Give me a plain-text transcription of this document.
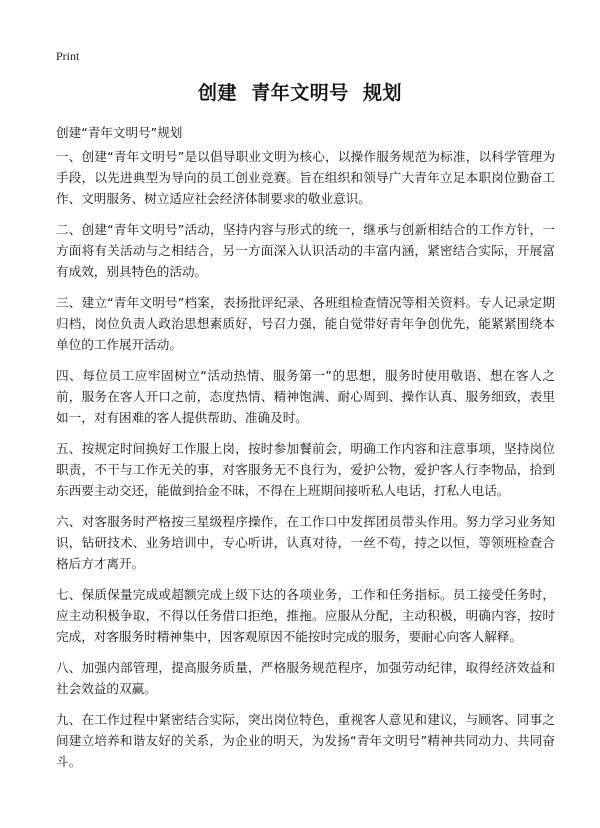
Print
创建  青年文明号  规划
创建“青年文明号”规划

一、创建“青年文明号”是以倡导职业文明为核心，以操作服务规范为标准，以科学管理为手段，以先进典型为导向的员工创业竞赛。旨在组织和领导广大青年立足本职岗位勤奋工作、文明服务、树立适应社会经济体制要求的敬业意识。

二、创建“青年文明号”活动，坚持内容与形式的统一，继承与创新相结合的工作方针，一方面将有关活动与之相结合，另一方面深入认识活动的丰富内涵，紧密结合实际，开展富有成效，别具特色的活动。

三、建立“青年文明号”档案，表扬批评纪录、各班组检查情况等相关资料。专人记录定期归档，岗位负责人政治思想素质好，号召力强，能自觉带好青年争创优先，能紧紧围绕本单位的工作展开活动。

四、每位员工应牢固树立“活动热情、服务第一”的思想，服务时使用敬语、想在客人之前，服务在客人开口之前，态度热情、精神饱满、耐心周到、操作认真、服务细致，表里如一，对有困难的客人提供帮助、准确及时。

五、按规定时间换好工作服上岗，按时参加餐前会，明确工作内容和注意事项，坚持岗位职责，不干与工作无关的事，对客服务无不良行为，爱护公物，爱护客人行李物品，拾到东西要主动交还，能做到拾金不昧，不得在上班期间接听私人电话，打私人电话。

六、对客服务时严格按三星级程序操作，在工作口中发挥团员带头作用。努力学习业务知识，钻研技术、业务培训中，专心听讲，认真对待，一丝不苟，持之以恒，等领班检查合格后方才离开。

七、保质保量完成或超额完成上级下达的各项业务，工作和任务指标。员工接受任务时，应主动积极争取，不得以任务借口拒绝，推拖。应服从分配，主动积极，明确内容，按时完成，对客服务时精神集中，因客观原因不能按时完成的服务，要耐心向客人解释。

八、加强内部管理，提高服务质量，严格服务规范程序，加强劳动纪律，取得经济效益和社会效益的双赢。

九、在工作过程中紧密结合实际，突出岗位特色，重视客人意见和建议，与顾客、同事之间建立培养和谐友好的关系，为企业的明天，为发扬“青年文明号”精神共同动力、共同奋斗。
